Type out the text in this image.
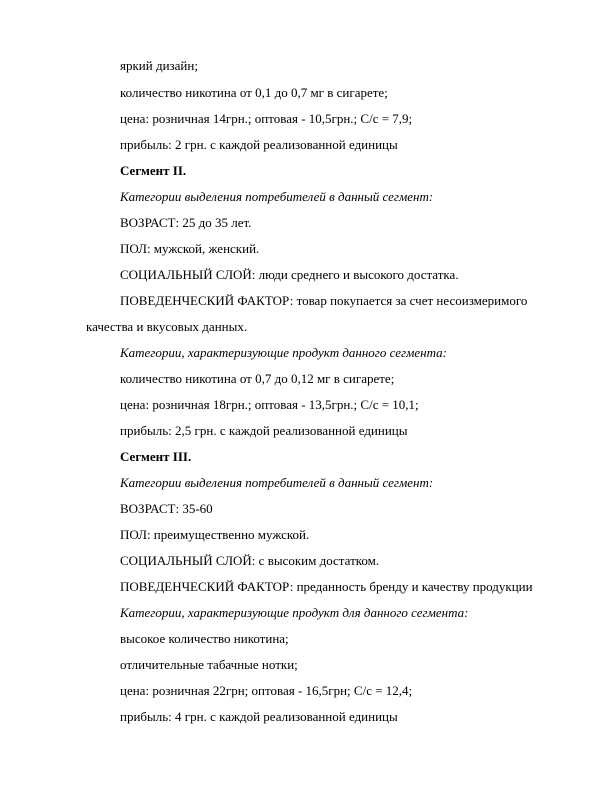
яркий дизайн;
количество никотина от 0,1 до 0,7 мг в сигарете;
цена: розничная 14грн.; оптовая - 10,5грн.; С/с = 7,9;
прибыль: 2 грн. с каждой реализованной единицы
Сегмент II.
Категории выделения потребителей в данный сегмент:
ВОЗРАСТ: 25 до 35 лет.
ПОЛ: мужской, женский.
СОЦИАЛЬНЫЙ СЛОЙ: люди среднего и высокого достатка.
ПОВЕДЕНЧЕСКИЙ ФАКТОР: товар покупается за счет несоизмеримого
качества и вкусовых данных.
Категории, характеризующие продукт данного сегмента:
количество никотина от 0,7 до 0,12 мг в сигарете;
цена: розничная 18грн.; оптовая - 13,5грн.; С/с = 10,1;
прибыль: 2,5 грн. с каждой реализованной единицы
Сегмент III.
Категории выделения потребителей в данный сегмент:
ВОЗРАСТ: 35-60
ПОЛ: преимущественно мужской.
СОЦИАЛЬНЫЙ СЛОЙ: с высоким достатком.
ПОВЕДЕНЧЕСКИЙ ФАКТОР: преданность бренду и качеству продукции
Категории, характеризующие продукт для данного сегмента:
высокое количество никотина;
отличительные табачные нотки;
цена: розничная 22грн; оптовая - 16,5грн; С/с = 12,4;
прибыль: 4 грн. с каждой реализованной единицы
